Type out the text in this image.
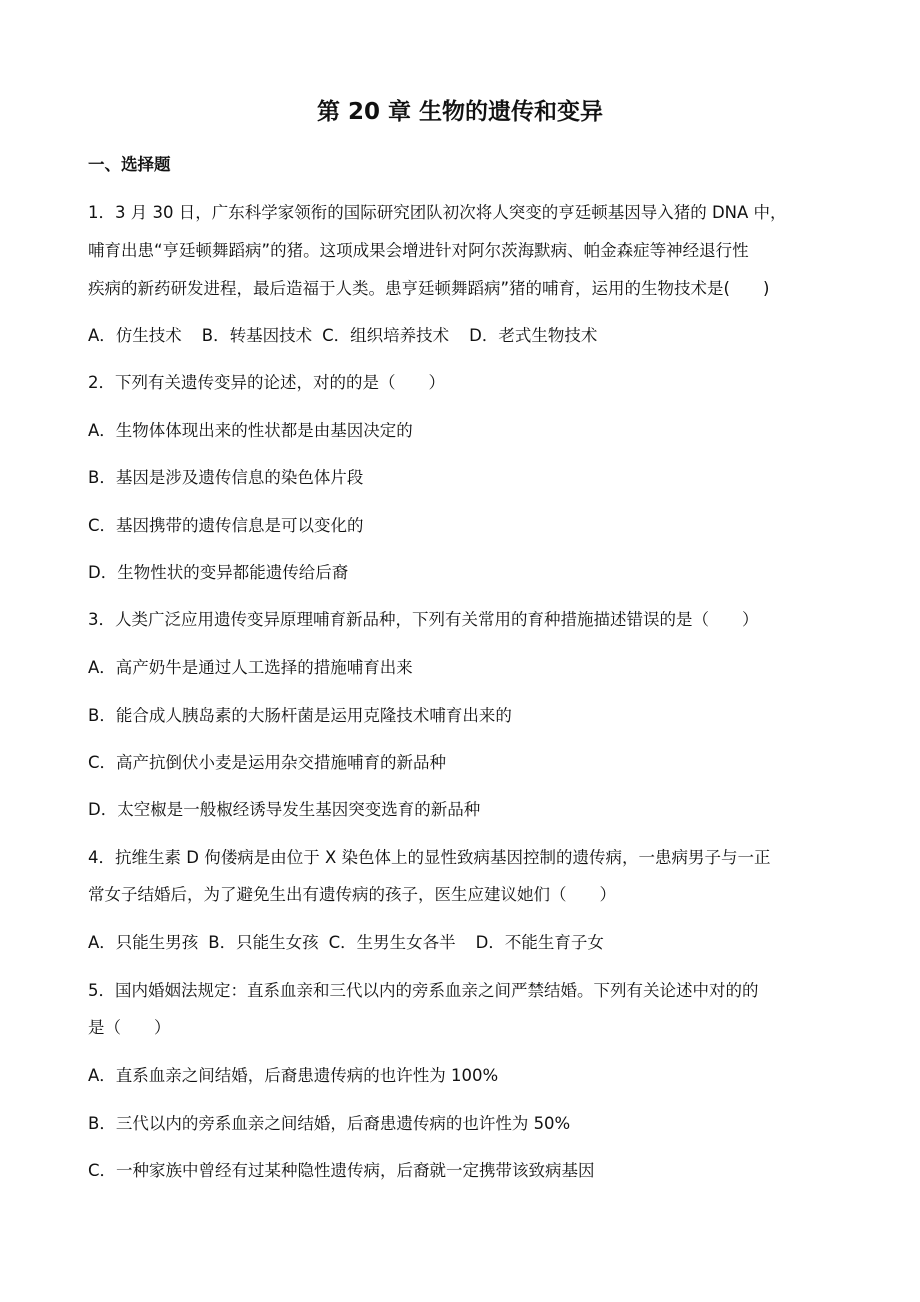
第 20 章 生物的遗传和变异
一、选择题
1．3 月 30 日，广东科学家领衔的国际研究团队初次将人突变的亨廷顿基因导入猪的 DNA 中，
哺育出患“亨廷顿舞蹈病”的猪。这项成果会增进针对阿尔茨海默病、帕金森症等神经退行性
疾病的新药研发进程，最后造福于人类。患亨廷顿舞蹈病”猪的哺育，运用的生物技术是(　　)
A．仿生技术 B．转基因技术 C．组织培养技术 D．老式生物技术
2．下列有关遗传变异的论述，对的的是（　　）
A．生物体体现出来的性状都是由基因决定的
B．基因是涉及遗传信息的染色体片段
C．基因携带的遗传信息是可以变化的
D．生物性状的变异都能遗传给后裔
3．人类广泛应用遗传变异原理哺育新品种，下列有关常用的育种措施描述错误的是（　　）
A．高产奶牛是通过人工选择的措施哺育出来
B．能合成人胰岛素的大肠杆菌是运用克隆技术哺育出来的
C．高产抗倒伏小麦是运用杂交措施哺育的新品种
D．太空椒是一般椒经诱导发生基因突变选育的新品种
4．抗维生素 D 佝偻病是由位于 X 染色体上的显性致病基因控制的遗传病，一患病男子与一正
常女子结婚后，为了避免生出有遗传病的孩子，医生应建议她们（　　）
A．只能生男孩 B．只能生女孩 C．生男生女各半 D．不能生育子女
5．国内婚姻法规定：直系血亲和三代以内的旁系血亲之间严禁结婚。下列有关论述中对的的
是（　　）
A．直系血亲之间结婚，后裔患遗传病的也许性为 100%
B．三代以内的旁系血亲之间结婚，后裔患遗传病的也许性为 50%
C．一种家族中曾经有过某种隐性遗传病，后裔就一定携带该致病基因
